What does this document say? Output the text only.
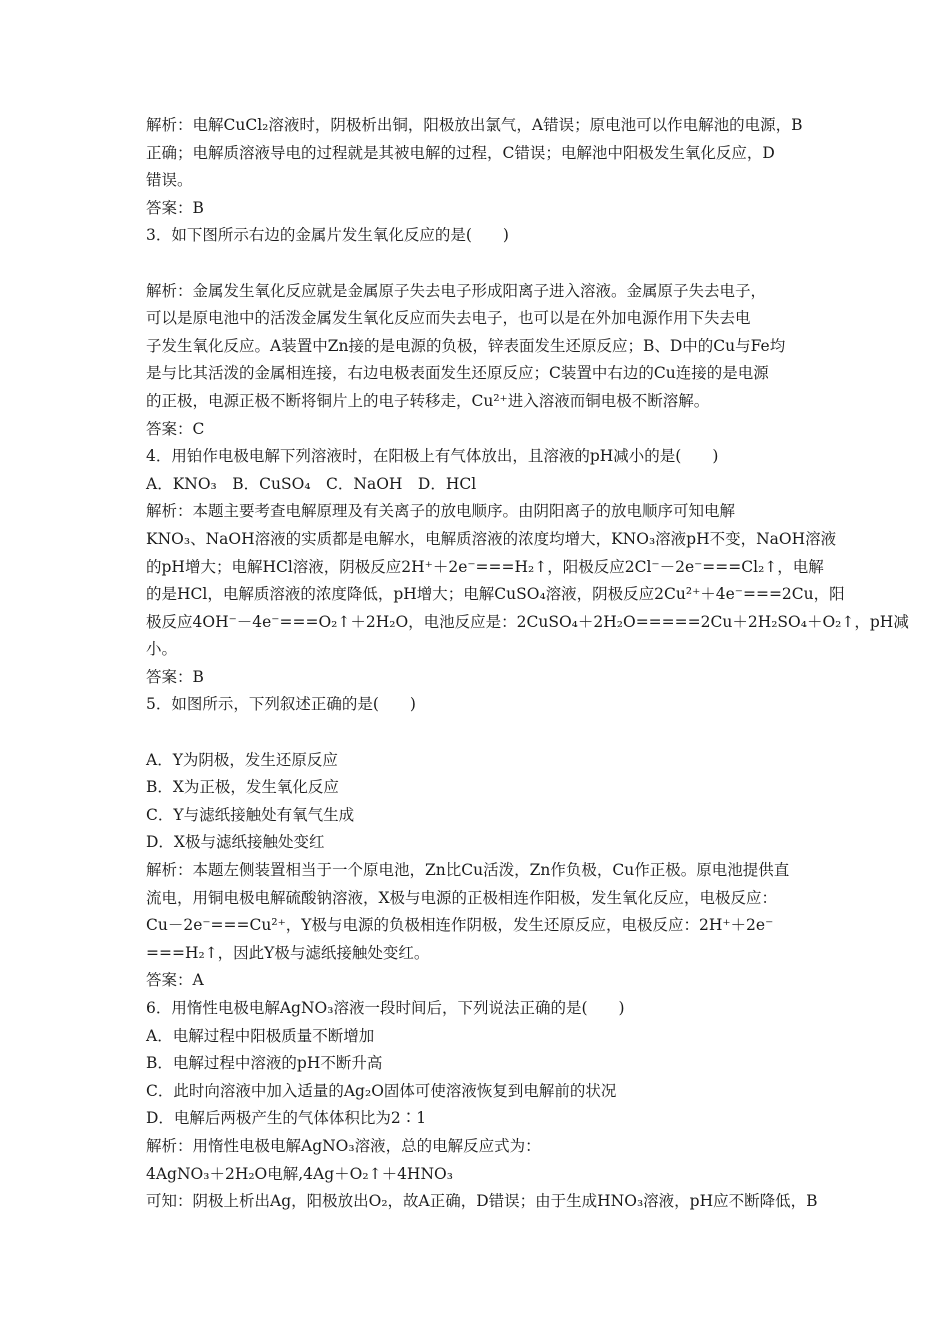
解析：电解CuCl₂溶液时，阴极析出铜，阳极放出氯气，A错误；原电池可以作电解池的电源，B
正确；电解质溶液导电的过程就是其被电解的过程，C错误；电解池中阳极发生氧化反应，D
错误。
答案：B
3．如下图所示右边的金属片发生氧化反应的是(　　)
解析：金属发生氧化反应就是金属原子失去电子形成阳离子进入溶液。金属原子失去电子，
可以是原电池中的活泼金属发生氧化反应而失去电子，也可以是在外加电源作用下失去电
子发生氧化反应。A装置中Zn接的是电源的负极，锌表面发生还原反应；B、D中的Cu与Fe均
是与比其活泼的金属相连接，右边电极表面发生还原反应；C装置中右边的Cu连接的是电源
的正极，电源正极不断将铜片上的电子转移走，Cu²⁺进入溶液而铜电极不断溶解。
答案：C
4．用铂作电极电解下列溶液时，在阳极上有气体放出，且溶液的pH减小的是(　　)
A．KNO₃　B．CuSO₄　C．NaOH　D．HCl
解析：本题主要考查电解原理及有关离子的放电顺序。由阴阳离子的放电顺序可知电解
KNO₃、NaOH溶液的实质都是电解水，电解质溶液的浓度均增大，KNO₃溶液pH不变，NaOH溶液
的pH增大；电解HCl溶液，阴极反应2H⁺＋2e⁻===H₂↑，阳极反应2Cl⁻－2e⁻===Cl₂↑，电解
的是HCl，电解质溶液的浓度降低，pH增大；电解CuSO₄溶液，阴极反应2Cu²⁺＋4e⁻===2Cu，阳
极反应4OH⁻－4e⁻===O₂↑＋2H₂O，电池反应是：2CuSO₄＋2H₂O=====2Cu＋2H₂SO₄＋O₂↑，pH减
小。
答案：B
5．如图所示，下列叙述正确的是(　　)
A．Y为阴极，发生还原反应
B．X为正极，发生氧化反应
C．Y与滤纸接触处有氧气生成
D．X极与滤纸接触处变红
解析：本题左侧装置相当于一个原电池，Zn比Cu活泼，Zn作负极，Cu作正极。原电池提供直
流电，用铜电极电解硫酸钠溶液，X极与电源的正极相连作阳极，发生氧化反应，电极反应：
Cu－2e⁻===Cu²⁺，Y极与电源的负极相连作阴极，发生还原反应，电极反应：2H⁺＋2e⁻
===H₂↑，因此Y极与滤纸接触处变红。
答案：A
6．用惰性电极电解AgNO₃溶液一段时间后，下列说法正确的是(　　)
A．电解过程中阳极质量不断增加
B．电解过程中溶液的pH不断升高
C．此时向溶液中加入适量的Ag₂O固体可使溶液恢复到电解前的状况
D．电解后两极产生的气体体积比为2∶1
解析：用惰性电极电解AgNO₃溶液，总的电解反应式为：
4AgNO₃＋2H₂O电解,4Ag＋O₂↑＋4HNO₃
可知：阴极上析出Ag，阳极放出O₂，故A正确，D错误；由于生成HNO₃溶液，pH应不断降低，B
